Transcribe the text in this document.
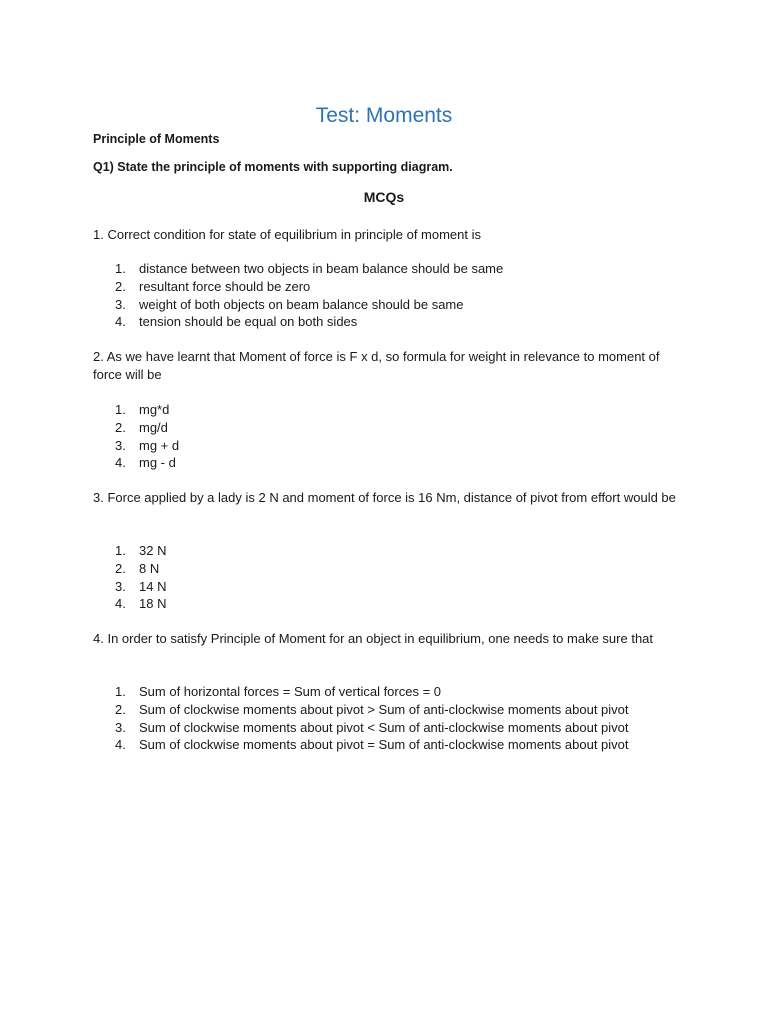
Test: Moments
Principle of Moments
Q1) State the principle of moments with supporting diagram.
MCQs
1. Correct condition for state of equilibrium in principle of moment is
1. distance between two objects in beam balance should be same
2. resultant force should be zero
3. weight of both objects on beam balance should be same
4. tension should be equal on both sides
2. As we have learnt that Moment of force is F x d, so formula for weight in relevance to moment of force will be
1. mg*d
2. mg/d
3. mg + d
4. mg - d
3. Force applied by a lady is 2 N and moment of force is 16 Nm, distance of pivot from effort would be
1. 32 N
2. 8 N
3. 14 N
4. 18 N
4. In order to satisfy Principle of Moment for an object in equilibrium, one needs to make sure that
1. Sum of horizontal forces = Sum of vertical forces = 0
2. Sum of clockwise moments about pivot > Sum of anti-clockwise moments about pivot
3. Sum of clockwise moments about pivot < Sum of anti-clockwise moments about pivot
4. Sum of clockwise moments about pivot = Sum of anti-clockwise moments about pivot
